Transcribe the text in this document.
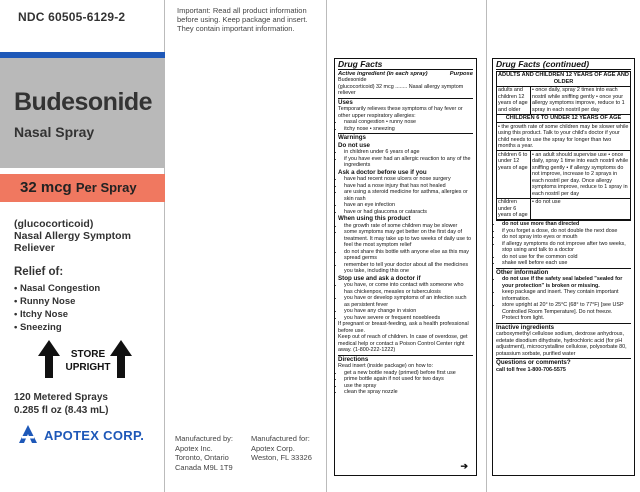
NDC 60505-6129-2
Budesonide
Nasal Spray
32 mcg Per Spray
(glucocorticoid)
Nasal Allergy Symptom
Reliever
Relief of:
• Nasal Congestion
• Runny Nose
• Itchy Nose
• Sneezing
STORE
UPRIGHT
120 Metered Sprays
0.285 fl oz (8.43 mL)
APOTEX CORP.
Important: Read all product information before using. Keep package and insert. They contain important information.
Manufactured by:
Apotex Inc.
Toronto, Ontario
Canada M9L 1T9
Manufactured for:
Apotex Corp.
Weston, FL 33326
Drug Facts
Active ingredient (in each spray)	Purpose
Budesonide
(glucocorticoid) 32 mcg ........ Nasal allergy symptom reliever
Uses
Temporarily relieves these symptoms of hay fever or other upper respiratory allergies:
• nasal congestion • runny nose
• itchy nose • sneezing
Warnings
Do not use
• in children under 6 years of age
• if you have ever had an allergic reaction to any of the ingredients
Ask a doctor before use if you
• have had recent nose ulcers or nose surgery
• have had a nose injury that has not healed
• are using a steroid medicine for asthma, allergies or skin rash
• have an eye infection
• have or had glaucoma or cataracts
When using this product
• the growth rate of some children may be slower
• some symptoms may get better on the first day of treatment. It may take up to two weeks of daily use to feel the most symptom relief
• do not share this bottle with anyone else as this may spread germs
• remember to tell your doctor about all the medicines you take, including this one
Stop use and ask a doctor if
• you have, or come into contact with someone who has chickenpox, measles or tuberculosis
• you have or develop symptoms of an infection such as persistent fever
• you have any change in vision
• you have severe or frequent nosebleeds
If pregnant or breast-feeding, ask a health professional before use.
Keep out of reach of children. In case of overdose, get medical help or contact a Poison Control Center right away. (1-800-222-1222)
Directions
Read insert (inside package) on how to:
• get a new bottle ready (primed) before first use
• prime bottle again if not used for two days
• use the spray
• clean the spray nozzle
➔
Drug Facts (continued)
ADULTS AND CHILDREN 12 YEARS OF AGE AND OLDER
adults and children 12 years of age and older
• once daily, spray 2 times into each nostril while sniffing gently • once your allergy symptoms improve, reduce to 1 spray in each nostril per day
CHILDREN 6 TO UNDER 12 YEARS OF AGE
• the growth rate of some children may be slower while using this product. Talk to your child's doctor if your child needs to use the spray for longer than two months a year.
children 6 to under 12 years of age
• an adult should supervise use • once daily, spray 1 time into each nostril while sniffing gently • if allergy symptoms do not improve, increase to 2 sprays in each nostril per day. Once allergy symptoms improve, reduce to 1 spray in each nostril per day
children under 6 years of age
• do not use
• do not use more than directed
• if you forget a dose, do not double the next dose
• do not spray into eyes or mouth
• if allergy symptoms do not improve after two weeks, stop using and talk to a doctor
• do not use for the common cold
• shake well before each use
Other information
• do not use if the safety seal labeled "sealed for your protection" is broken or missing.
• keep package and insert. They contain important information.
• store upright at 20° to 25°C (68° to 77°F) [see USP Controlled Room Temperature]. Do not freeze. Protect from light.
Inactive ingredients
carboxymethyl cellulose sodium, dextrose anhydrous, edetate disodium dihydrate, hydrochloric acid (for pH adjustment), microcrystalline cellulose, polysorbate 80, potassium sorbate, purified water
Questions or comments?
call toll free 1-800-706-5575
